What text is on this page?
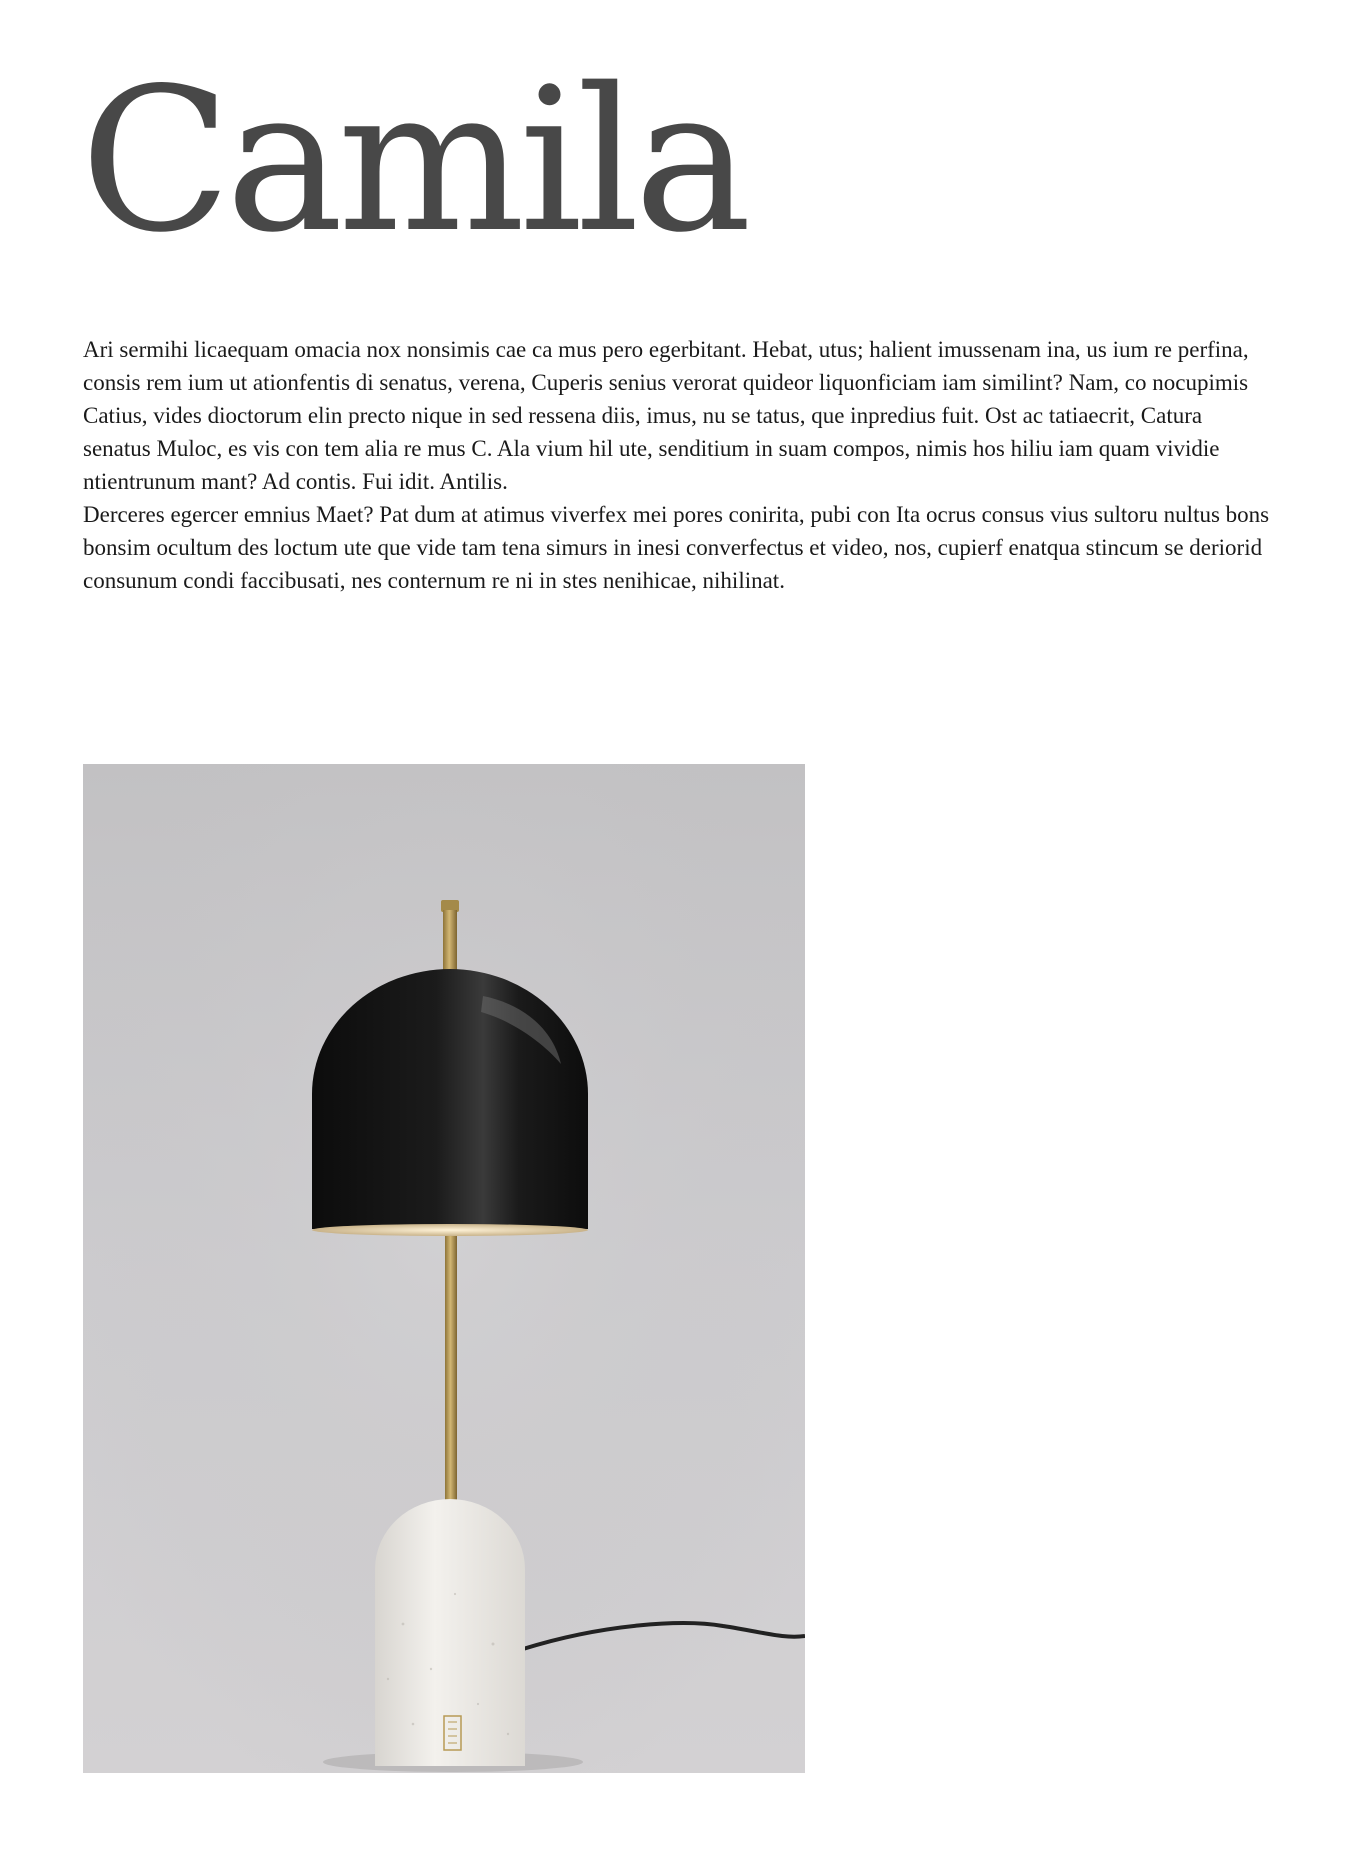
Camila

Ari sermihi licaequam omacia nox nonsimis cae ca mus pero egerbitant. Hebat, utus; halient imussenam ina, us ium re perfina, consis rem ium ut ationfentis di senatus, verena, Cuperis senius verorat quideor liquonficiam iam similint? Nam, co nocupimis Catius, vides dioctorum elin precto nique in sed ressena diis, imus, nu se tatus, que inpredius fuit. Ost ac tatiaecrit, Catura senatus Muloc, es vis con tem alia re mus C. Ala vium hil ute, senditium in suam compos, nimis hos hiliu iam quam vividie ntientrunum mant? Ad contis. Fui idit. Antilis.

Derceres egercer emnius Maet? Pat dum at atimus viverfex mei pores conirita, pubi con Ita ocrus consus vius sultoru nultus bons bonsim ocultum des loctum ute que vide tam tena simurs in inesi converfectus et video, nos, cupierf enatqua stincum se deriorid consunum condi faccibusati, nes conternum re ni in stes nenihicae, nihilinat.
